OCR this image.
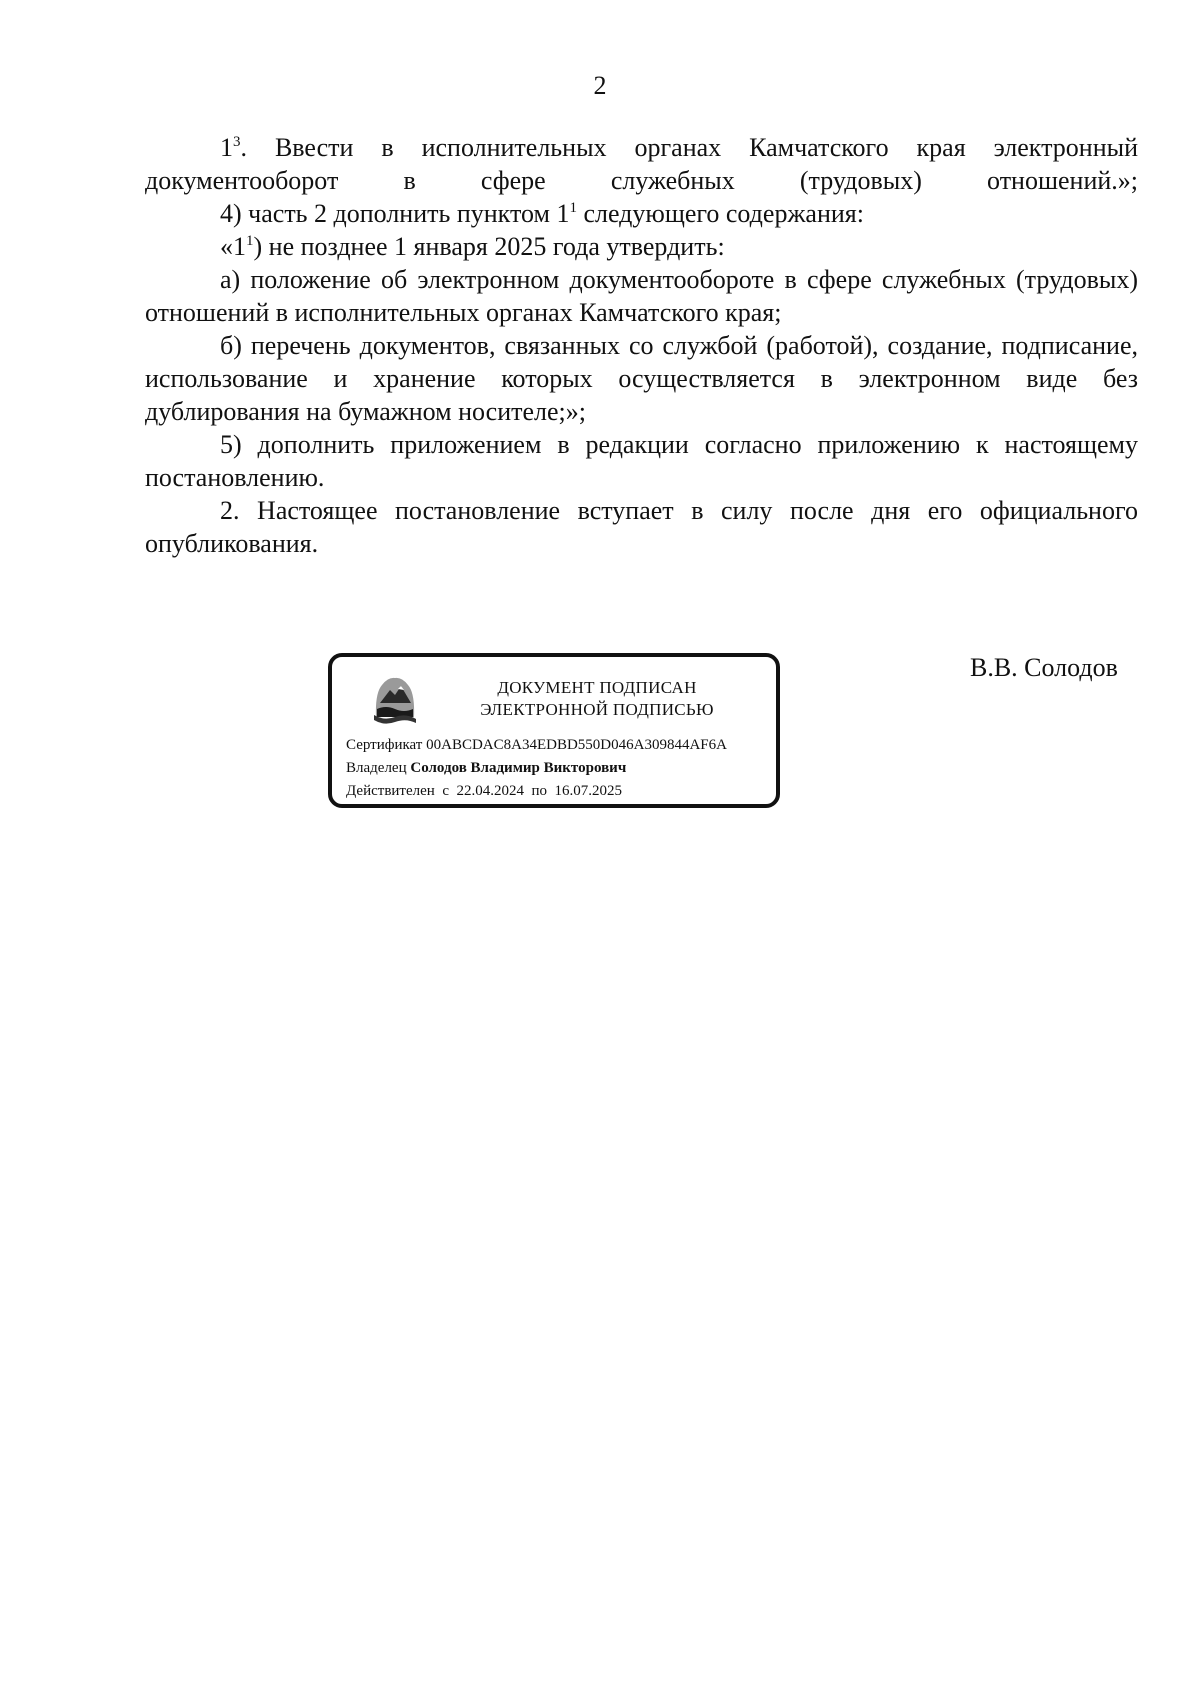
2

$1^3$. Ввести в исполнительных органах Камчатского края электронный документооборот в сфере служебных (трудовых) отношений.»;

4) часть 2 дополнить пунктом $1^1$ следующего содержания:

«$1^1$) не позднее 1 января 2025 года утвердить:

а) положение об электронном документообороте в сфере служебных (трудовых) отношений в исполнительных органах Камчатского края;

б) перечень документов, связанных со службой (работой), создание, подписание, использование и хранение которых осуществляется в электронном виде без дублирования на бумажном носителе;»;

5) дополнить приложением в редакции согласно приложению к настоящему постановлению.

2. Настоящее постановление вступает в силу после дня его официального опубликования.

ДОКУМЕНТ ПОДПИСАН
ЭЛЕКТРОННОЙ ПОДПИСЬЮ
Сертификат 00ABCDAC8A34EDBD550D046A309844AF6A
Владелец Солодов Владимир Викторович
Действителен с 22.04.2024 по 16.07.2025
В.В. Солодов
